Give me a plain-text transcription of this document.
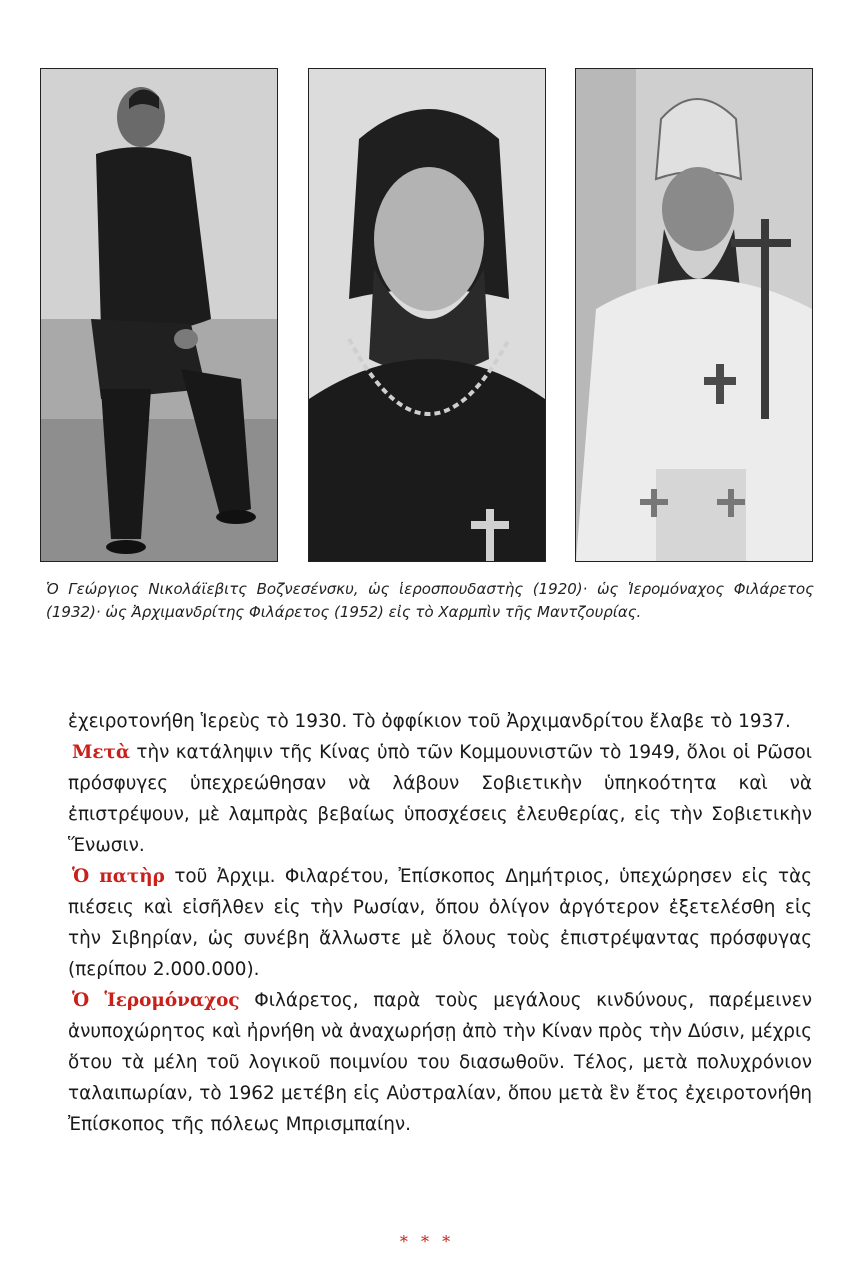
Ὁ Γεώργιος Νικολάϊεβιτς Βοζνεσένσκυ, ὡς ἱεροσπουδαστὴς (1920)· ὡς Ἱερομόναχος Φιλάρετος (1932)· ὡς Ἀρχιμανδρίτης Φιλάρετος (1952) εἰς τὸ Χαρμπὶν τῆς Μαντζουρίας.

ἐχειροτονήθη Ἱερεὺς τὸ 1930. Τὸ ὀφφίκιον τοῦ Ἀρχιμανδρίτου ἔλαβε τὸ 1937.

Μετὰ τὴν κατάληψιν τῆς Κίνας ὑπὸ τῶν Κομμουνιστῶν τὸ 1949, ὅλοι οἱ Ρῶσοι πρόσφυγες ὑπεχρεώθησαν νὰ λάβουν Σοβιετικὴν ὑπηκοότητα καὶ νὰ ἐπιστρέψουν, μὲ λαμπρὰς βεβαίως ὑποσχέσεις ἐλευθερίας, εἰς τὴν Σοβιετικὴν Ἕνωσιν.

Ὁ πατὴρ τοῦ Ἀρχιμ. Φιλαρέτου, Ἐπίσκοπος Δημήτριος, ὑπεχώρησεν εἰς τὰς πιέσεις καὶ εἰσῆλθεν εἰς τὴν Ρωσίαν, ὅπου ὀλίγον ἀργότερον ἐξετελέσθη εἰς τὴν Σιβηρίαν, ὡς συνέβη ἄλλωστε μὲ ὅλους τοὺς ἐπιστρέψαντας πρόσφυγας (περίπου 2.000.000).

Ὁ Ἱερομόναχος Φιλάρετος, παρὰ τοὺς μεγάλους κινδύνους, παρέμεινεν ἀνυποχώρητος καὶ ἠρνήθη νὰ ἀναχωρήσῃ ἀπὸ τὴν Κίναν πρὸς τὴν Δύσιν, μέχρις ὅτου τὰ μέλη τοῦ λογικοῦ ποιμνίου του διασωθοῦν. Τέλος, μετὰ πολυχρόνιον ταλαιπωρίαν, τὸ 1962 μετέβη εἰς Αὐστραλίαν, ὅπου μετὰ ἓν ἔτος ἐχειροτονήθη Ἐπίσκοπος τῆς πόλεως Μπρισμπαίην.

* * *
